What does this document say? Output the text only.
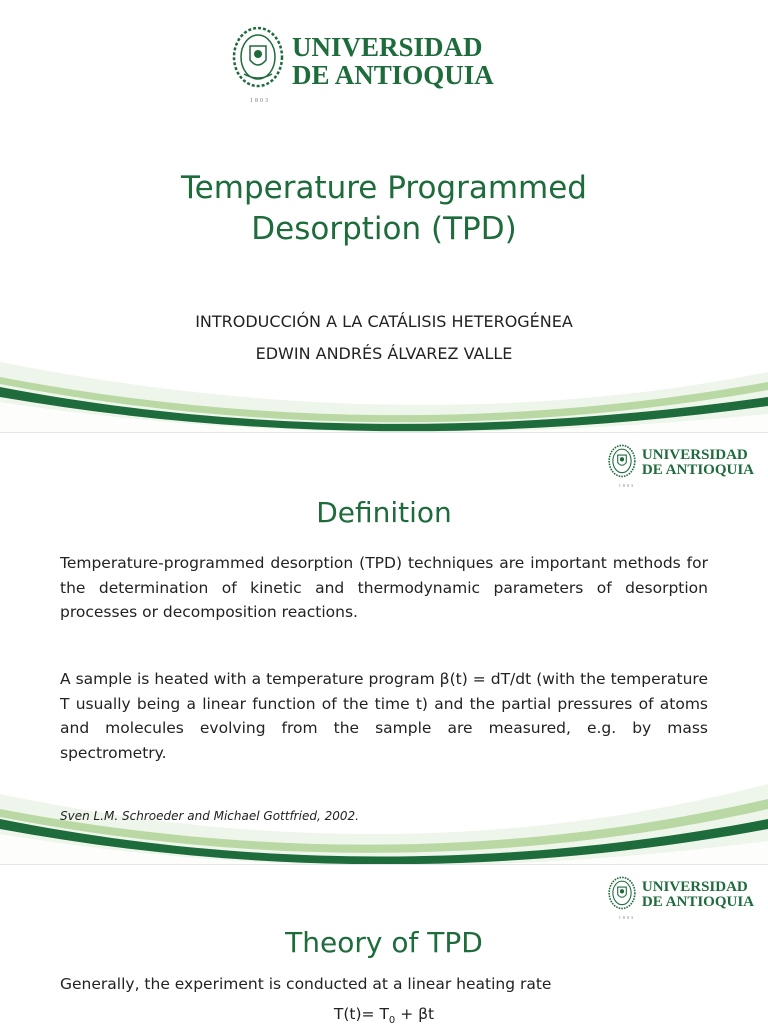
1803
UNIVERSIDAD
DE ANTIOQUIA
Temperature Programmed
Desorption (TPD)
INTRODUCCIÓN A LA CATÁLISIS HETEROGÉNEA
EDWIN ANDRÉS ÁLVAREZ VALLE
1803
UNIVERSIDAD
DE ANTIOQUIA
Definition
Temperature-programmed desorption (TPD) techniques are important methods for the determination of kinetic and thermodynamic parameters of desorption processes or decomposition reactions.
A sample is heated with a temperature program β(t) = dT/dt (with the temperature T usually being a linear function of the time t) and the partial pressures of atoms and molecules evolving from the sample are measured, e.g. by mass spectrometry.
Sven L.M. Schroeder and Michael Gottfried, 2002.
1803
UNIVERSIDAD
DE ANTIOQUIA
Theory of TPD
Generally, the experiment is conducted at a linear heating rate
$T(t)= T_0 + \beta t$
